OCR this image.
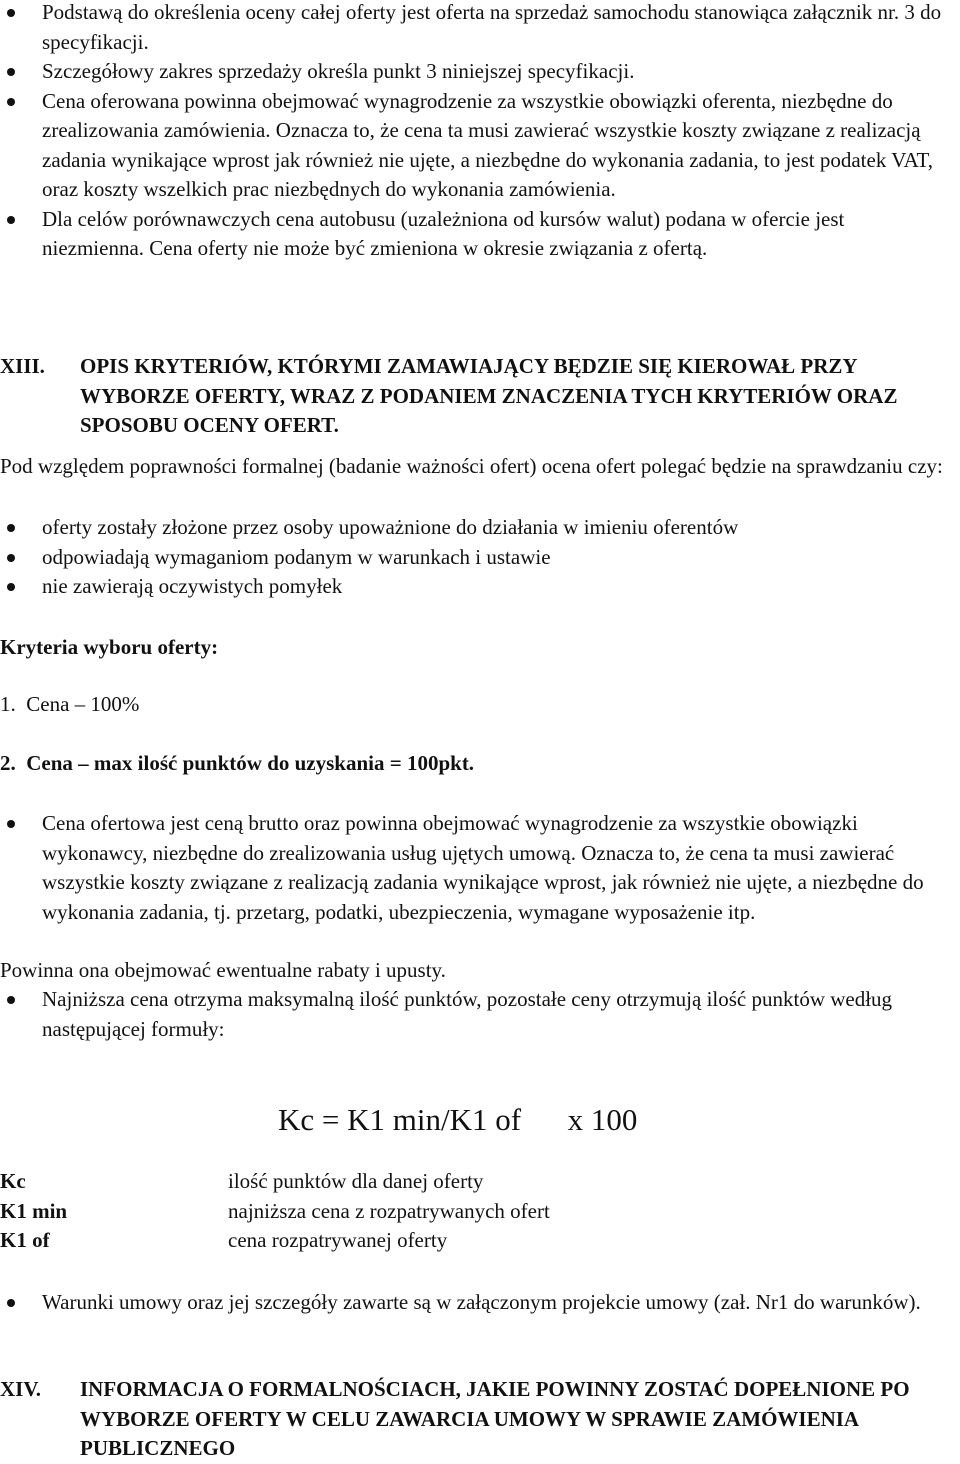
Podstawą do określenia oceny całej oferty jest oferta na sprzedaż samochodu stanowiąca załącznik nr. 3 do specyfikacji.
Szczegółowy zakres sprzedaży określa punkt 3 niniejszej specyfikacji.
Cena oferowana powinna obejmować wynagrodzenie za wszystkie obowiązki oferenta, niezbędne do zrealizowania zamówienia. Oznacza to, że cena ta musi zawierać wszystkie koszty związane z realizacją zadania wynikające wprost jak również nie ujęte, a niezbędne do wykonania zadania, to jest podatek VAT, oraz koszty wszelkich prac niezbędnych do wykonania zamówienia.
Dla celów porównawczych cena autobusu (uzależniona od kursów walut) podana w ofercie jest niezmienna. Cena oferty nie może być zmieniona w okresie związania z ofertą.
XIII. OPIS KRYTERIÓW, KTÓRYMI ZAMAWIAJĄCY BĘDZIE SIĘ KIEROWAŁ PRZY WYBORZE OFERTY, WRAZ Z PODANIEM ZNACZENIA TYCH KRYTERIÓW ORAZ SPOSOBU OCENY OFERT.
Pod względem poprawności formalnej (badanie ważności ofert) ocena ofert polegać będzie na sprawdzaniu czy:
oferty zostały złożone przez osoby upoważnione do działania w imieniu oferentów
odpowiadają wymaganiom podanym w warunkach i ustawie
nie zawierają oczywistych pomyłek
Kryteria wyboru oferty:
1.  Cena – 100%
2.  Cena – max ilość punktów do uzyskania = 100pkt.
Cena ofertowa jest ceną brutto oraz powinna obejmować wynagrodzenie za wszystkie obowiązki wykonawcy, niezbędne do zrealizowania usług ujętych umową. Oznacza to, że cena ta musi zawierać wszystkie koszty związane z realizacją zadania wynikające wprost, jak również nie ujęte, a niezbędne do wykonania zadania, tj. przetarg, podatki, ubezpieczenia, wymagane wyposażenie itp.
Powinna ona obejmować ewentualne rabaty i upusty.
Najniższa cena otrzyma maksymalną ilość punktów, pozostałe ceny otrzymują ilość punktów według następującej formuły:
Kc = K1 min/K1 of      x 100
Kc	ilość punktów dla danej oferty
K1 min	najniższa cena z rozpatrywanych ofert
K1 of	cena rozpatrywanej oferty
Warunki umowy oraz jej szczegóły zawarte są w załączonym projekcie umowy (zał. Nr1 do warunków).
XIV. INFORMACJA O FORMALNOŚCIACH, JAKIE POWINNY ZOSTAĆ DOPEŁNIONE PO WYBORZE OFERTY W CELU ZAWARCIA UMOWY W SPRAWIE ZAMÓWIENIA PUBLICZNEGO
